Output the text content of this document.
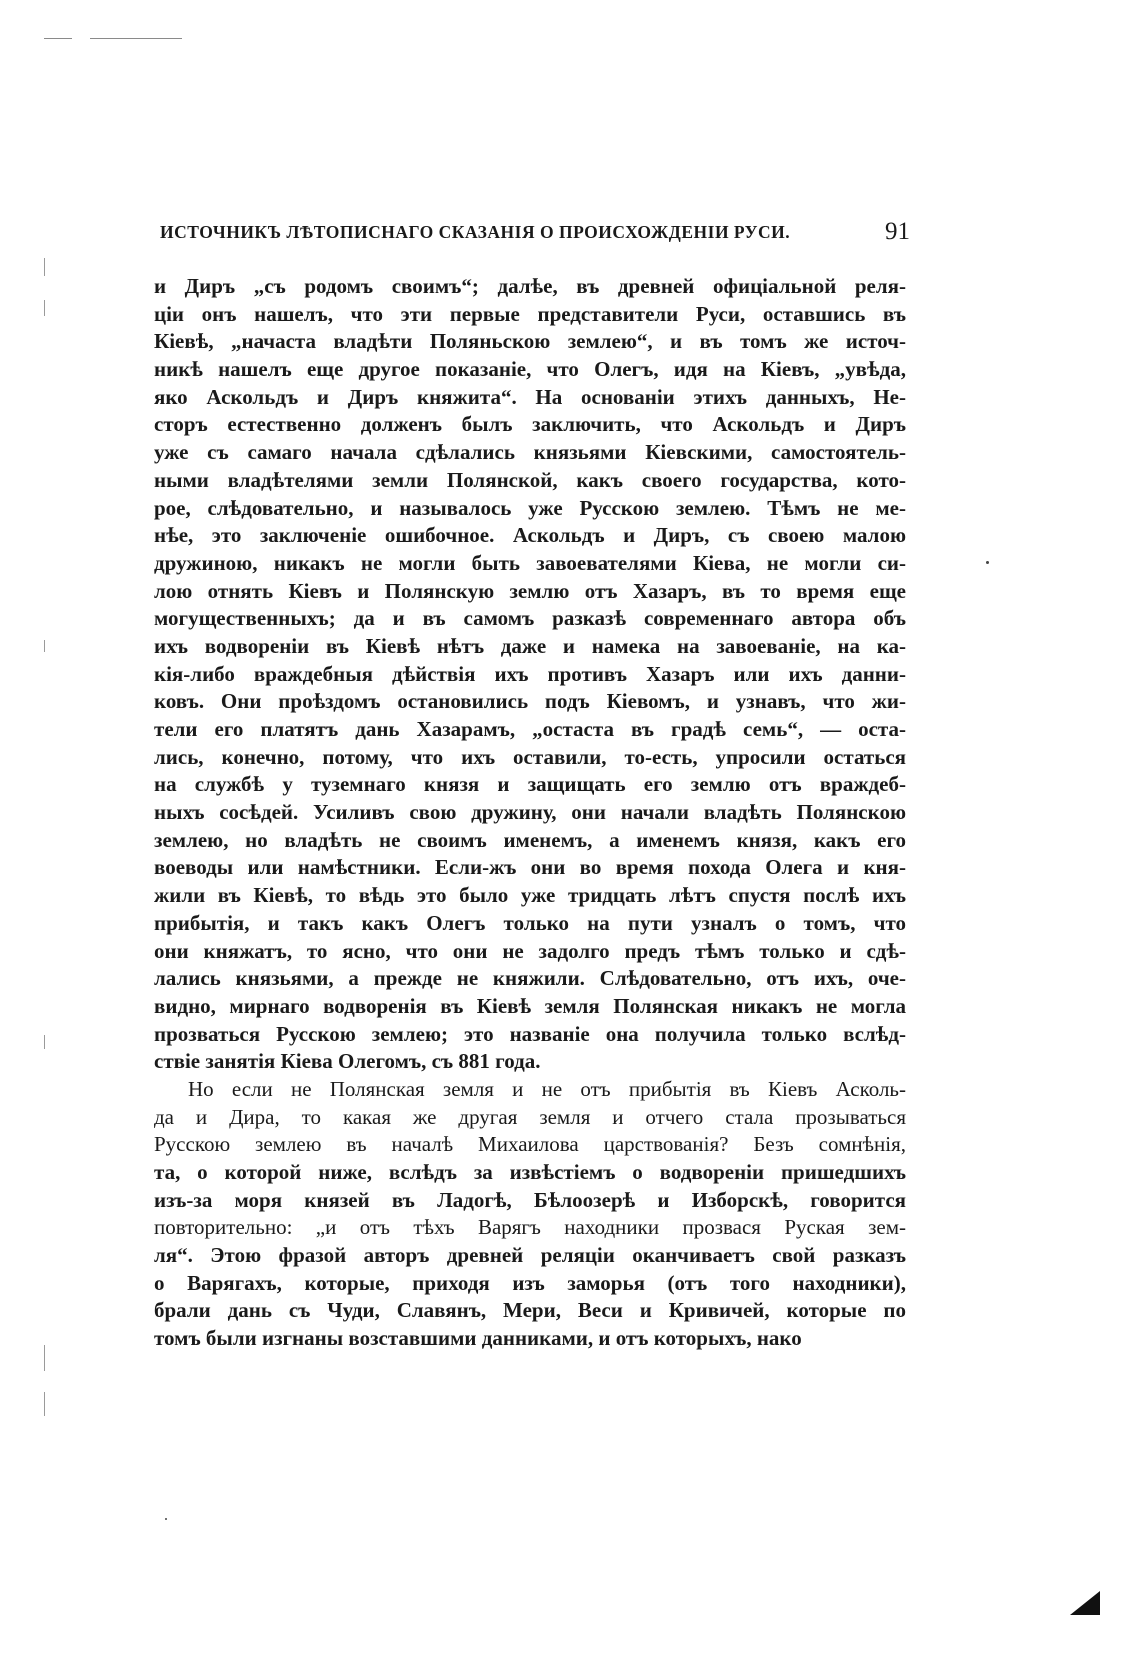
ИСТОЧНИКЪ ЛѢТОПИСНАГО СКАЗАНІЯ О ПРОИСХОЖДЕНІИ РУСИ.	91
и Диръ „съ родомъ своимъ“; далѣе, въ древней офиціальной реля-
ціи онъ нашелъ, что эти первые представители Руси, оставшись въ
Кіевѣ, „начаста владѣти Поляньскою землею“, и въ томъ же источ-
никѣ нашелъ еще другое показаніе, что Олегъ, идя на Кіевъ, „увѣда,
яко Аскольдъ и Диръ княжита“. На основаніи этихъ данныхъ, Не-
сторъ естественно долженъ былъ заключить, что Аскольдъ и Диръ
уже съ самаго начала сдѣлались князьями Кіевскими, самостоятель-
ными владѣтелями земли Полянской, какъ своего государства, кото-
рое, слѣдовательно, и называлось уже Русскою землею. Тѣмъ не ме-
нѣе, это заключеніе ошибочное. Аскольдъ и Диръ, съ своею малою
дружиною, никакъ не могли быть завоевателями Кіева, не могли си-
лою отнять Кіевъ и Полянскую землю отъ Хазаръ, въ то время еще
могущественныхъ; да и въ самомъ разказѣ современнаго автора объ
ихъ водвореніи въ Кіевѣ нѣтъ даже и намека на завоеваніе, на ка-
кія-либо враждебныя дѣйствія ихъ противъ Хазаръ или ихъ данни-
ковъ. Они проѣздомъ остановились подъ Кіевомъ, и узнавъ, что жи-
тели его платятъ дань Хазарамъ, „остаста въ градѣ семь“, — оста-
лись, конечно, потому, что ихъ оставили, то-есть, упросили остаться
на службѣ у туземнаго князя и защищать его землю отъ враждеб-
ныхъ сосѣдей. Усиливъ свою дружину, они начали владѣть Полянскою
землею, но владѣть не своимъ именемъ, а именемъ князя, какъ его
воеводы или намѣстники. Если-жъ они во время похода Олега и кня-
жили въ Кіевѣ, то вѣдь это было уже тридцать лѣтъ спустя послѣ ихъ
прибытія, и такъ какъ Олегъ только на пути узналъ о томъ, что
они княжатъ, то ясно, что они не задолго предъ тѣмъ только и сдѣ-
лались князьями, а прежде не княжили. Слѣдовательно, отъ ихъ, оче-
видно, мирнаго водворенія въ Кіевѣ земля Полянская никакъ не могла
прозваться Русскою землею; это названіе она получила только вслѣд-
ствіе занятія Кіева Олегомъ, съ 881 года.
Но если не Полянская земля и не отъ прибытія въ Кіевъ Асколь-
да и Дира, то какая же другая земля и отчего стала прозываться
Русскою землею въ началѣ Михаилова царствованія? Безъ сомнѣнія,
та, о которой ниже, вслѣдъ за извѣстіемъ о водвореніи пришедшихъ
изъ-за моря князей въ Ладогѣ, Бѣлоозерѣ и Изборскѣ, говорится
повторительно: „и отъ тѣхъ Варягъ находники прозвася Руская зем-
ля“. Этою фразой авторъ древней реляціи оканчиваетъ свой разказъ
о Варягахъ, которые, приходя изъ заморья (отъ того находники),
брали дань съ Чуди, Славянъ, Мери, Веси и Кривичей, которые по
томъ были изгнаны возставшими данниками, и отъ которыхъ, нако
